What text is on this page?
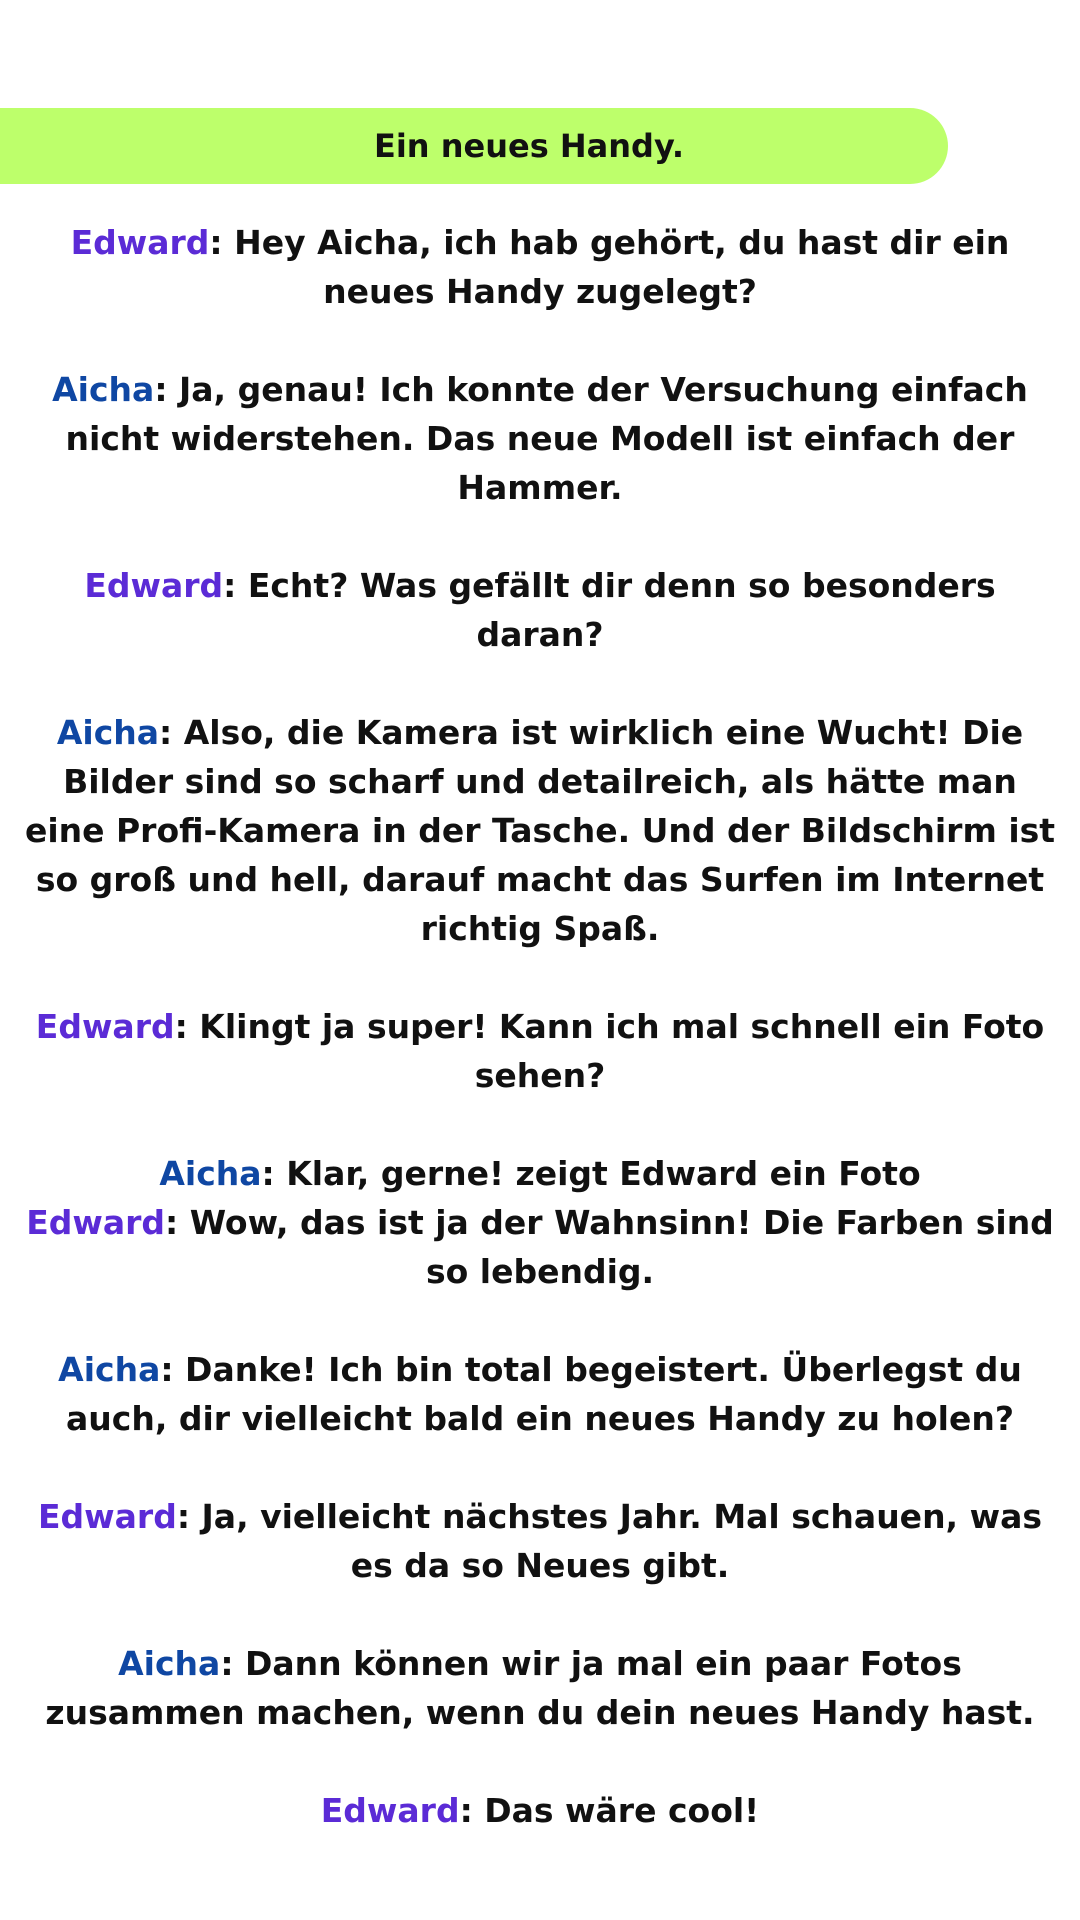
Ein neues Handy.

Edward: Hey Aicha, ich hab gehört, du hast dir ein neues Handy zugelegt?

Aicha: Ja, genau! Ich konnte der Versuchung einfach nicht widerstehen. Das neue Modell ist einfach der Hammer.

Edward: Echt? Was gefällt dir denn so besonders daran?

Aicha: Also, die Kamera ist wirklich eine Wucht! Die Bilder sind so scharf und detailreich, als hätte man eine Profi-Kamera in der Tasche. Und der Bildschirm ist so groß und hell, darauf macht das Surfen im Internet richtig Spaß.

Edward: Klingt ja super! Kann ich mal schnell ein Foto sehen?

Aicha: Klar, gerne! zeigt Edward ein Foto

Edward: Wow, das ist ja der Wahnsinn! Die Farben sind so lebendig.

Aicha: Danke! Ich bin total begeistert. Überlegst du auch, dir vielleicht bald ein neues Handy zu holen?

Edward: Ja, vielleicht nächstes Jahr. Mal schauen, was es da so Neues gibt.

Aicha: Dann können wir ja mal ein paar Fotos zusammen machen, wenn du dein neues Handy hast.

Edward: Das wäre cool!
